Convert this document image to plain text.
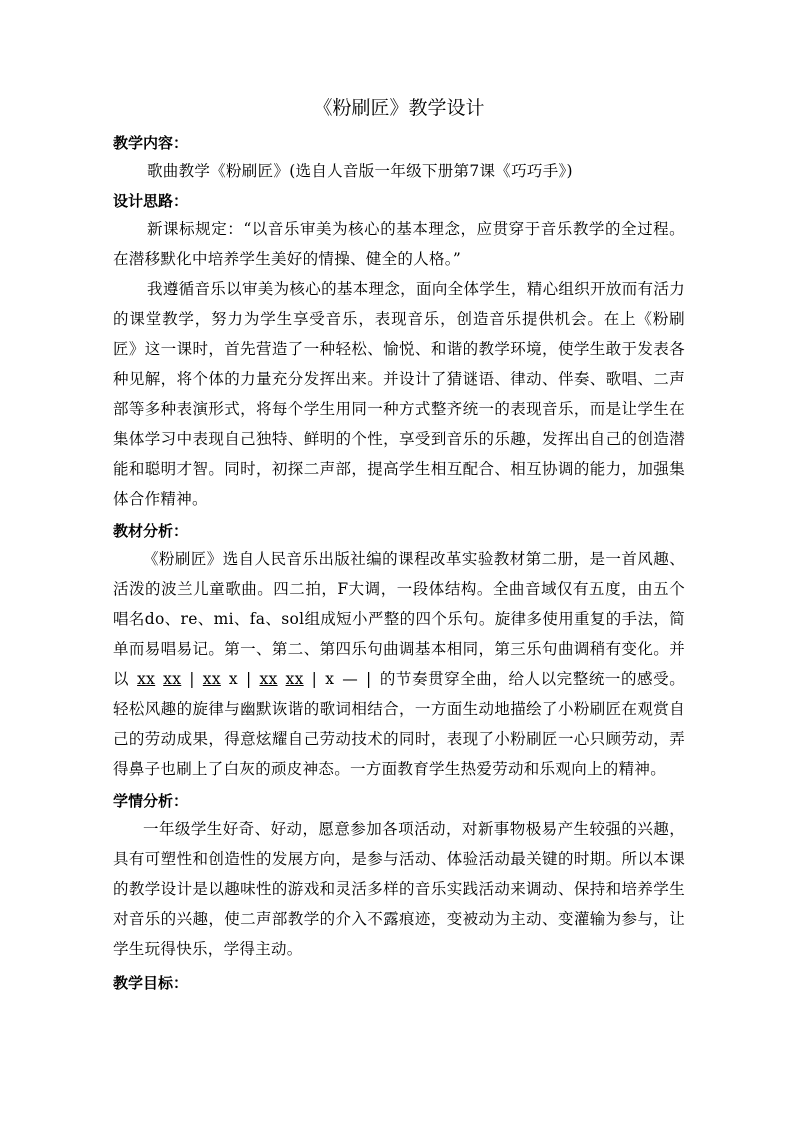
《粉刷匠》教学设计

教学内容：

歌曲教学《粉刷匠》(选自人音版一年级下册第7课《巧巧手》)

设计思路：

新课标规定：“以音乐审美为核心的基本理念，应贯穿于音乐教学的全过程。在潜移默化中培养学生美好的情操、健全的人格。”

我遵循音乐以审美为核心的基本理念，面向全体学生，精心组织开放而有活力的课堂教学，努力为学生享受音乐，表现音乐，创造音乐提供机会。在上《粉刷匠》这一课时，首先营造了一种轻松、愉悦、和谐的教学环境，使学生敢于发表各种见解，将个体的力量充分发挥出来。并设计了猜谜语、律动、伴奏、歌唱、二声部等多种表演形式，将每个学生用同一种方式整齐统一的表现音乐，而是让学生在集体学习中表现自己独特、鲜明的个性，享受到音乐的乐趣，发挥出自己的创造潜能和聪明才智。同时，初探二声部，提高学生相互配合、相互协调的能力，加强集体合作精神。

教材分析：

《粉刷匠》选自人民音乐出版社编的课程改革实验教材第二册，是一首风趣、活泼的波兰儿童歌曲。四二拍，F大调，一段体结构。全曲音域仅有五度，由五个唱名do、re、mi、fa、sol组成短小严整的四个乐句。旋律多使用重复的手法，简单而易唱易记。第一、第二、第四乐句曲调基本相同，第三乐句曲调稍有变化。并以 xx xx | xx x | xx xx | x — | 的节奏贯穿全曲，给人以完整统一的感受。轻松风趣的旋律与幽默诙谐的歌词相结合，一方面生动地描绘了小粉刷匠在观赏自己的劳动成果，得意炫耀自己劳动技术的同时，表现了小粉刷匠一心只顾劳动，弄得鼻子也刷上了白灰的顽皮神态。一方面教育学生热爱劳动和乐观向上的精神。

学情分析：

一年级学生好奇、好动，愿意参加各项活动，对新事物极易产生较强的兴趣，具有可塑性和创造性的发展方向，是参与活动、体验活动最关键的时期。所以本课的教学设计是以趣味性的游戏和灵活多样的音乐实践活动来调动、保持和培养学生对音乐的兴趣，使二声部教学的介入不露痕迹，变被动为主动、变灌输为参与，让学生玩得快乐，学得主动。

教学目标：
